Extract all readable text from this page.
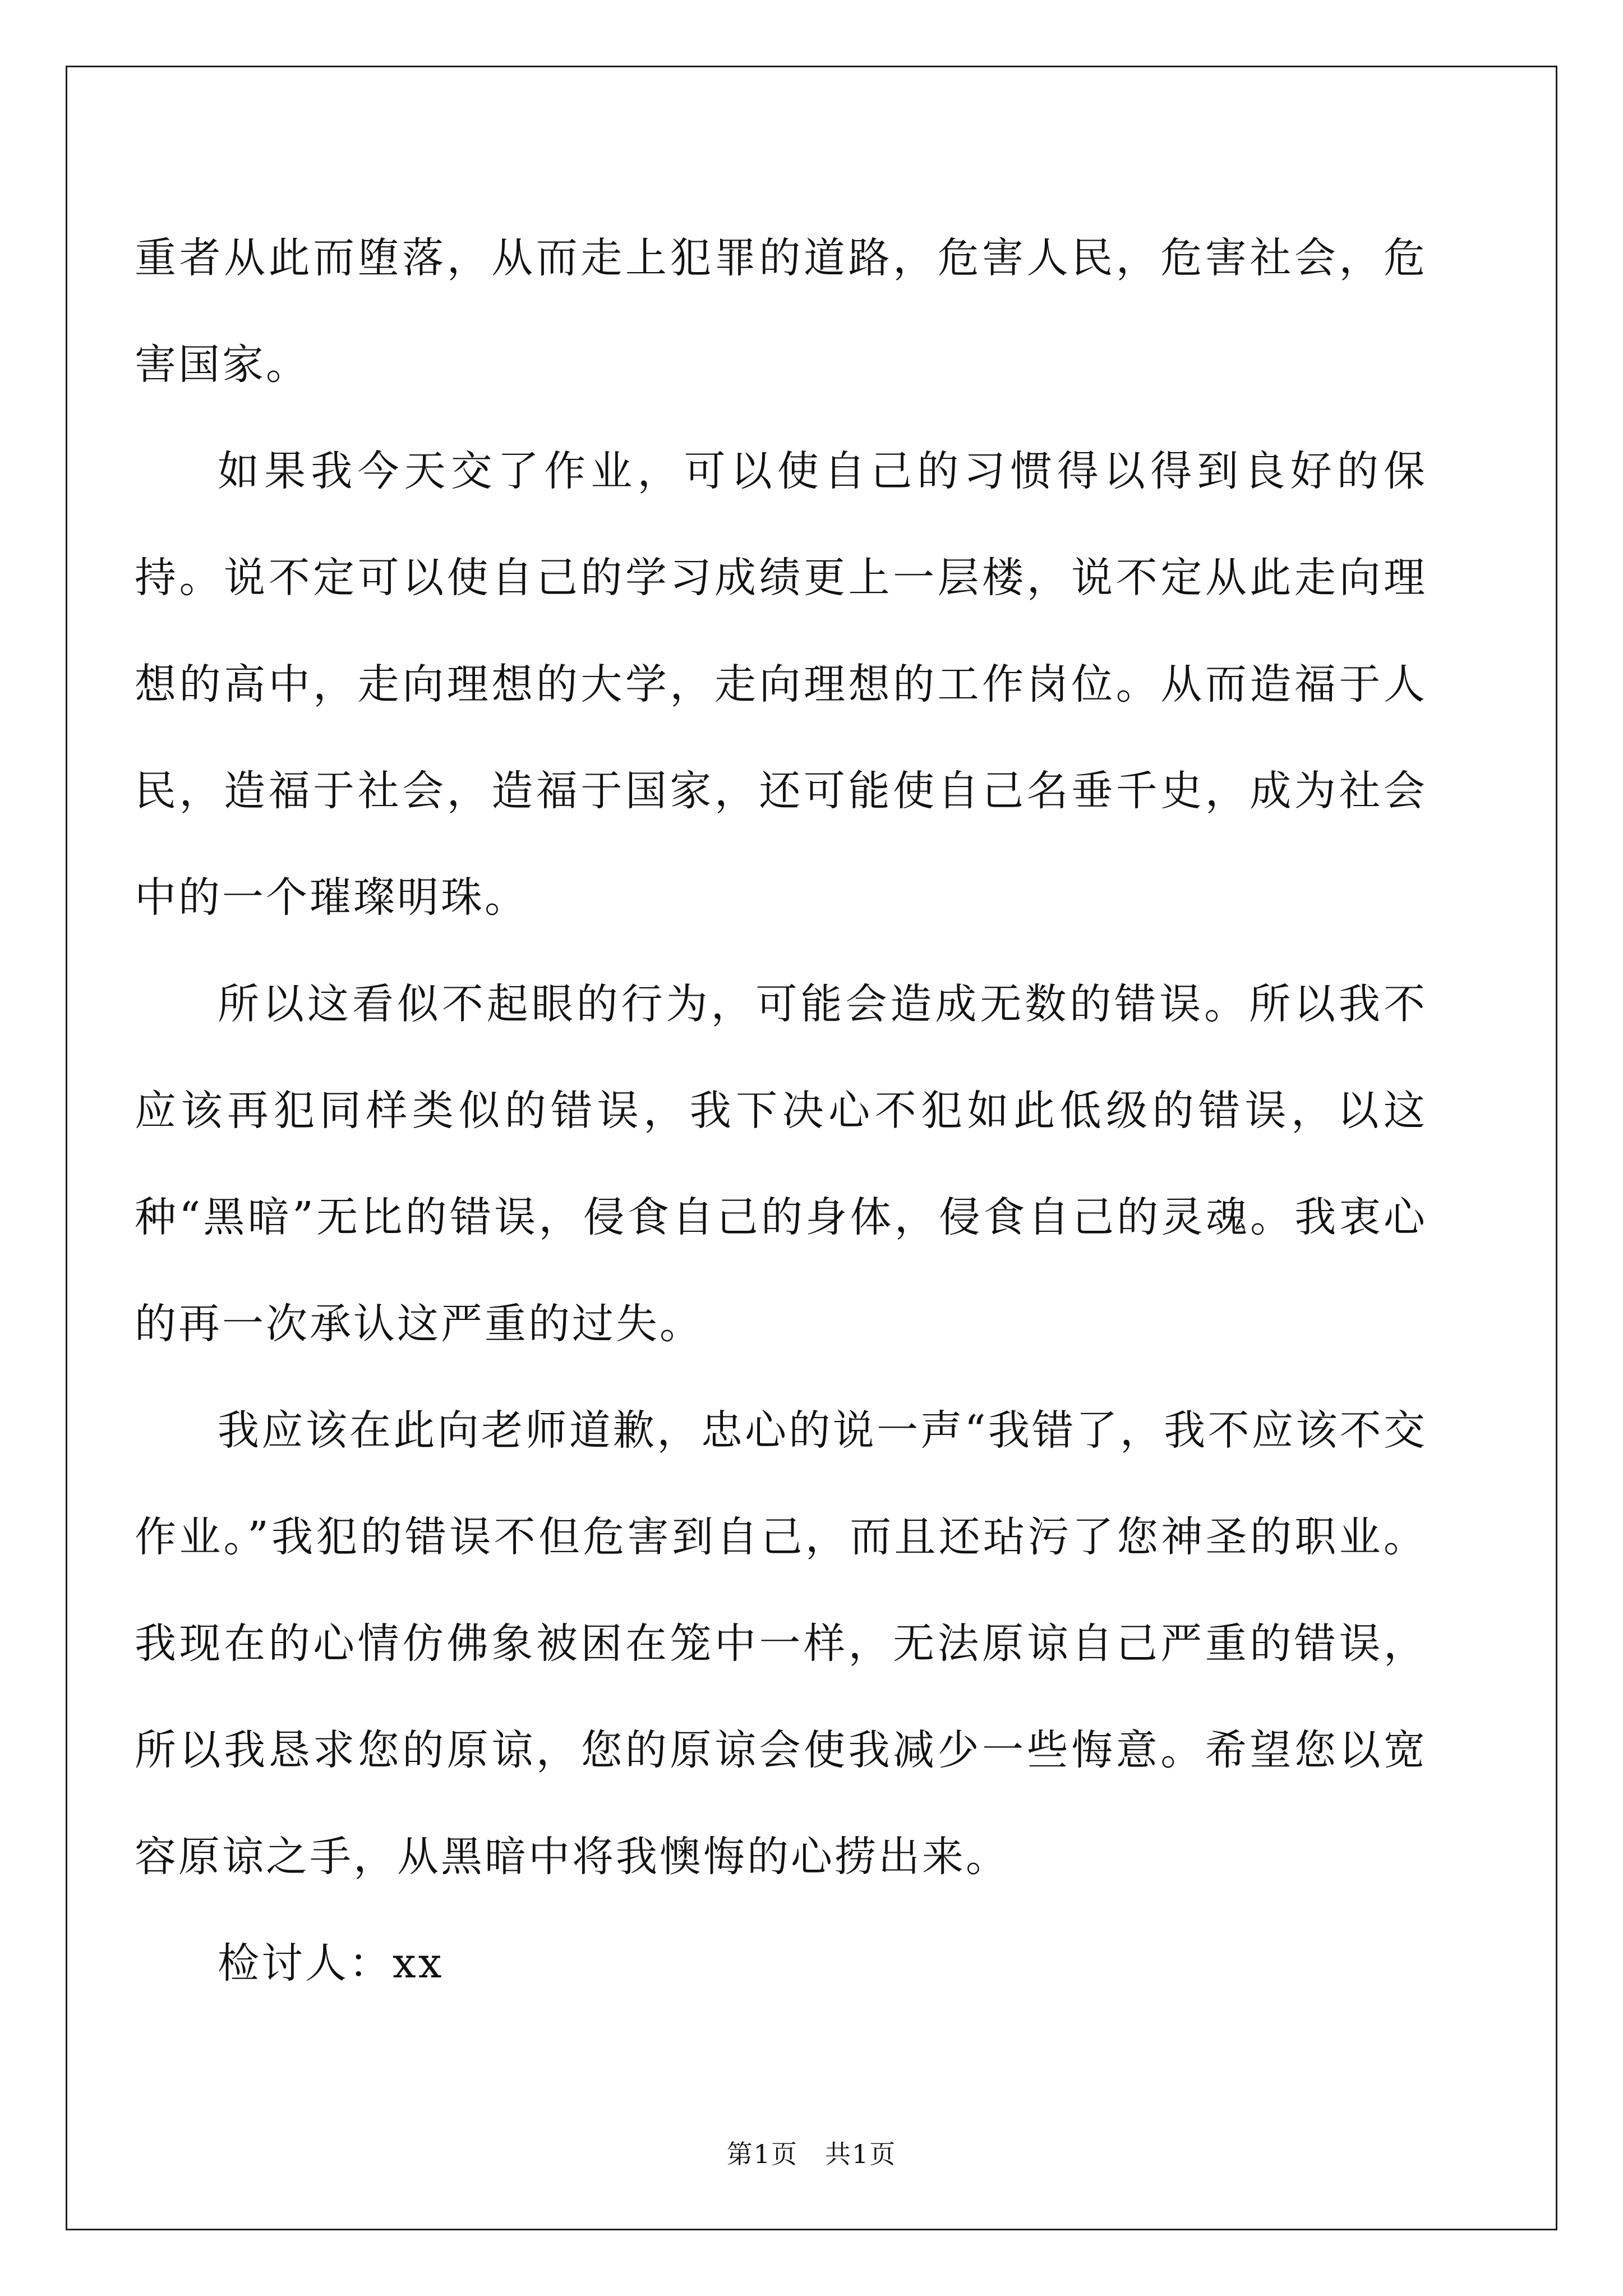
重者从此而堕落，从而走上犯罪的道路，危害人民，危害社会，危害国家。

如果我今天交了作业，可以使自己的习惯得以得到良好的保持。说不定可以使自己的学习成绩更上一层楼，说不定从此走向理想的高中，走向理想的大学，走向理想的工作岗位。从而造福于人民，造福于社会，造福于国家，还可能使自己名垂千史，成为社会中的一个璀璨明珠。

所以这看似不起眼的行为，可能会造成无数的错误。所以我不应该再犯同样类似的错误，我下决心不犯如此低级的错误，以这种“黑暗”无比的错误，侵食自己的身体，侵食自己的灵魂。我衷心的再一次承认这严重的过失。

我应该在此向老师道歉，忠心的说一声“我错了，我不应该不交作业。”我犯的错误不但危害到自己，而且还玷污了您神圣的职业。我现在的心情仿佛象被困在笼中一样，无法原谅自己严重的错误，所以我恳求您的原谅，您的原谅会使我减少一些悔意。希望您以宽容原谅之手，从黑暗中将我懊悔的心捞出来。

检讨人：xx

第1页　共1页
